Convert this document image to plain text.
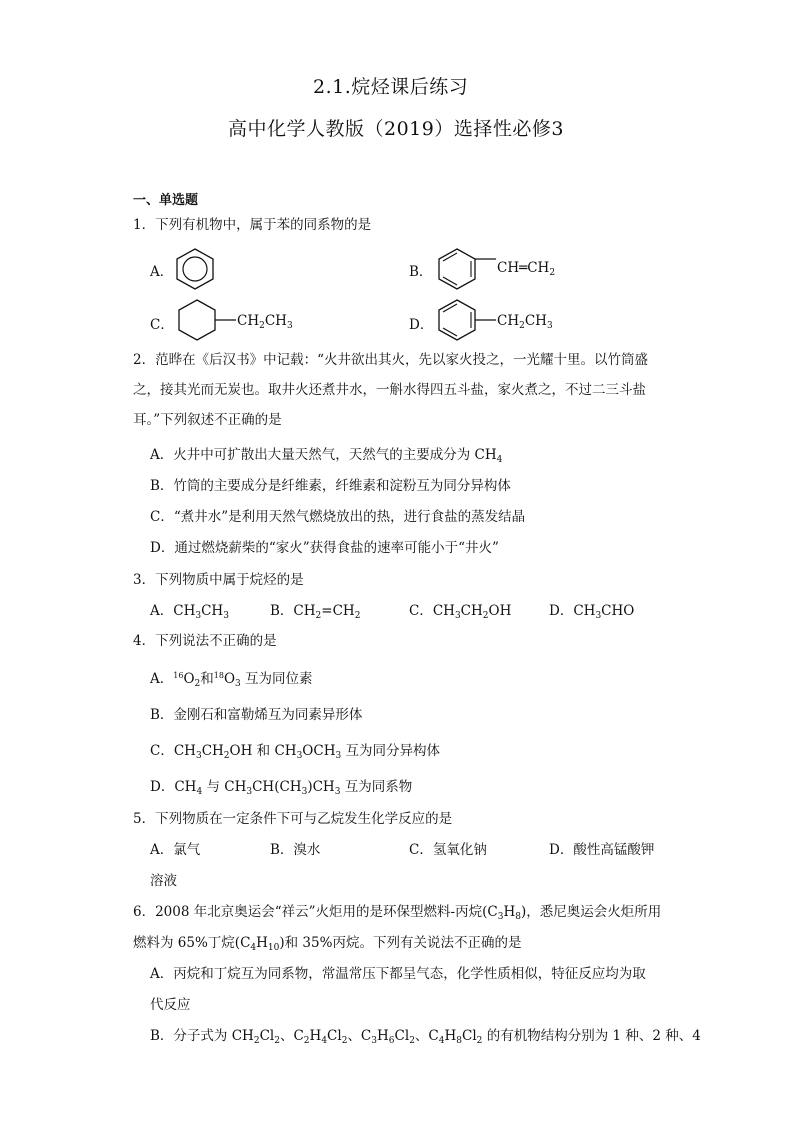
2.1.烷烃课后练习
高中化学人教版（2019）选择性必修3
一、单选题
1．下列有机物中，属于苯的同系物的是
A．	B．	$CH═CH_2$
C．	$CH_2CH_3$	D．	$CH_2CH_3$
2．范晔在《后汉书》中记载：“火井欲出其火，先以家火投之，一光耀十里。以竹筒盛
之，接其光而无炭也。取井火还煮井水，一斛水得四五斗盐，家火煮之，不过二三斗盐
耳。”下列叙述不正确的是
A．火井中可扩散出大量天然气，天然气的主要成分为 $CH_4$
B．竹筒的主要成分是纤维素，纤维素和淀粉互为同分异构体
C．“煮井水”是利用天然气燃烧放出的热，进行食盐的蒸发结晶
D．通过燃烧薪柴的“家火”获得食盐的速率可能小于“井火”
3．下列物质中属于烷烃的是
A．$CH_3CH_3$	B．$CH_2=CH_2$	C．$CH_3CH_2OH$	D．$CH_3CHO$
4．下列说法不正确的是
A．$^{16}O_2$和$^{18}O_3$ 互为同位素
B．金刚石和富勒烯互为同素异形体
C．$CH_3CH_2OH$ 和 $CH_3OCH_3$ 互为同分异构体
D．$CH_4$ 与 $CH_3CH(CH_3)CH_3$ 互为同系物
5．下列物质在一定条件下可与乙烷发生化学反应的是
A．氯气	B．溴水	C．氢氧化钠	D．酸性高锰酸钾
溶液
6．2008 年北京奥运会“祥云”火炬用的是环保型燃料-丙烷$(C_3H_8)$，悉尼奥运会火炬所用
燃料为 65%丁烷$(C_4H_{10})$和 35%丙烷。下列有关说法不正确的是
A．丙烷和丁烷互为同系物，常温常压下都呈气态，化学性质相似，特征反应均为取
代反应
B．分子式为 $CH_2Cl_2$、$C_2H_4Cl_2$、$C_3H_6Cl_2$、$C_4H_8Cl_2$ 的有机物结构分别为 1 种、2 种、4
